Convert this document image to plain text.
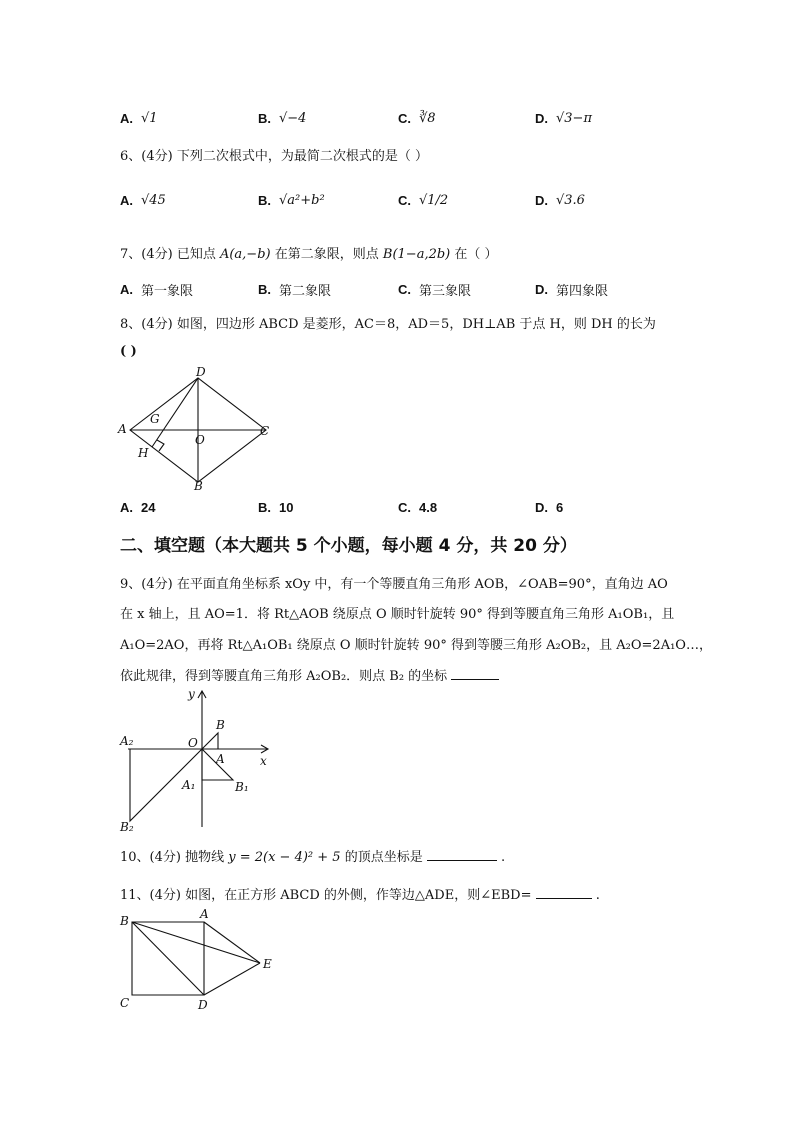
A. √1	B. √−4	C. ∛8	D. √3−π
6、(4分) 下列二次根式中，为最简二次根式的是（ ）
A. √45	B. √a²+b²	C. √1/2	D. √3.6
7、(4分) 已知点 A(a,−b) 在第二象限，则点 B(1−a,2b) 在（ ）
A. 第一象限	B. 第二象限	C. 第三象限	D. 第四象限
8、(4分) 如图，四边形 ABCD 是菱形，AC＝8，AD＝5，DH⊥AB 于点 H，则 DH 的长为
( )
A
B
C
D
G
H
O
A. 24	B. 10	C. 4.8	D. 6
二、填空题（本大题共 5 个小题，每小题 4 分，共 20 分）
9、(4分) 在平面直角坐标系 xOy 中，有一个等腰直角三角形 AOB，∠OAB=90°，直角边 AO
在 x 轴上，且 AO=1．将 Rt△AOB 绕原点 O 顺时针旋转 90° 得到等腰直角三角形 A₁OB₁，且
A₁O=2AO，再将 Rt△A₁OB₁ 绕原点 O 顺时针旋转 90° 得到等腰三角形 A₂OB₂，且 A₂O=2A₁O…，
依此规律，得到等腰直角三角形 A₂OB₂．则点 B₂ 的坐标
y
x
B
A
O
A₁	B₁
A₂
B₂
10、(4分) 抛物线 y = 2(x − 4)² + 5 的顶点坐标是	.
11、(4分) 如图，在正方形 ABCD 的外侧，作等边△ADE，则∠EBD=	.
B	A
C	D
E
